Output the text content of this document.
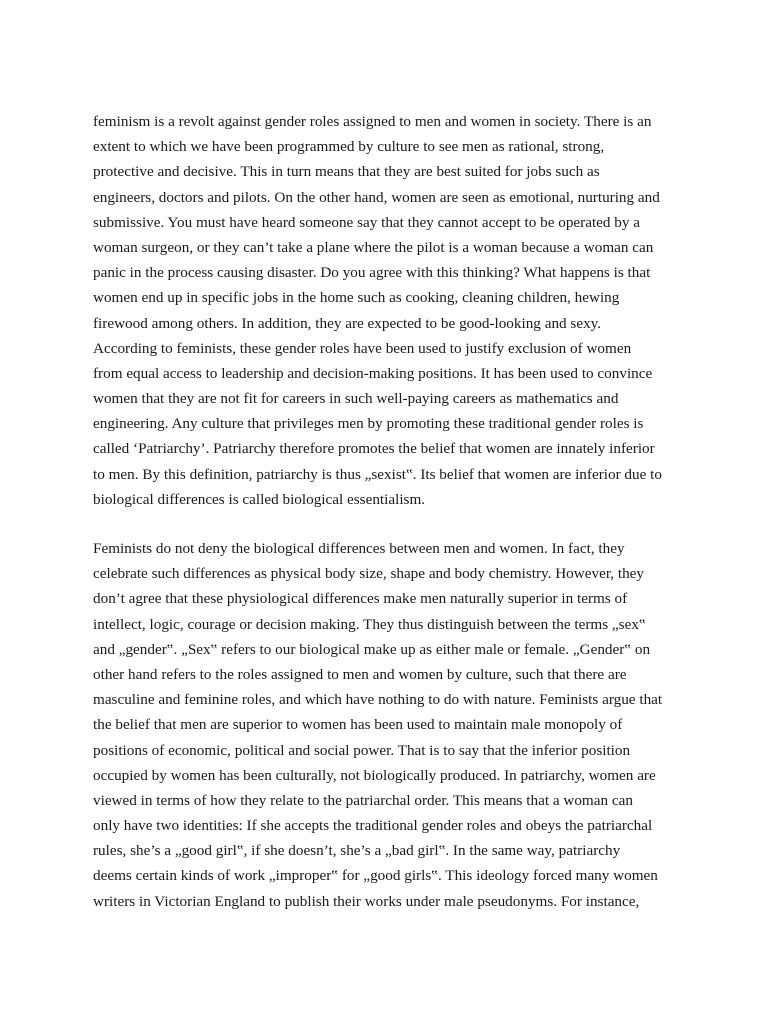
feminism is a revolt against gender roles assigned to men and women in society. There is an
extent to which we have been programmed by culture to see men as rational, strong,
protective and decisive. This in turn means that they are best suited for jobs such as
engineers, doctors and pilots. On the other hand, women are seen as emotional, nurturing and
submissive. You must have heard someone say that they cannot accept to be operated by a
woman surgeon, or they can’t take a plane where the pilot is a woman because a woman can
panic in the process causing disaster. Do you agree with this thinking? What happens is that
women end up in specific jobs in the home such as cooking, cleaning children, hewing
firewood among others. In addition, they are expected to be good-looking and sexy.
According to feminists, these gender roles have been used to justify exclusion of women
from equal access to leadership and decision-making positions. It has been used to convince
women that they are not fit for careers in such well-paying careers as mathematics and
engineering. Any culture that privileges men by promoting these traditional gender roles is
called ‘Patriarchy’. Patriarchy therefore promotes the belief that women are innately inferior
to men. By this definition, patriarchy is thus „sexist‟. Its belief that women are inferior due to
biological differences is called biological essentialism.
Feminists do not deny the biological differences between men and women. In fact, they
celebrate such differences as physical body size, shape and body chemistry. However, they
don’t agree that these physiological differences make men naturally superior in terms of
intellect, logic, courage or decision making. They thus distinguish between the terms „sex‟
and „gender‟. „Sex‟ refers to our biological make up as either male or female. „Gender‟ on
other hand refers to the roles assigned to men and women by culture, such that there are
masculine and feminine roles, and which have nothing to do with nature. Feminists argue that
the belief that men are superior to women has been used to maintain male monopoly of
positions of economic, political and social power. That is to say that the inferior position
occupied by women has been culturally, not biologically produced. In patriarchy, women are
viewed in terms of how they relate to the patriarchal order. This means that a woman can
only have two identities: If she accepts the traditional gender roles and obeys the patriarchal
rules, she’s a „good girl‟, if she doesn’t, she’s a „bad girl‟. In the same way, patriarchy
deems certain kinds of work „improper‟ for „good girls‟. This ideology forced many women
writers in Victorian England to publish their works under male pseudonyms. For instance,
